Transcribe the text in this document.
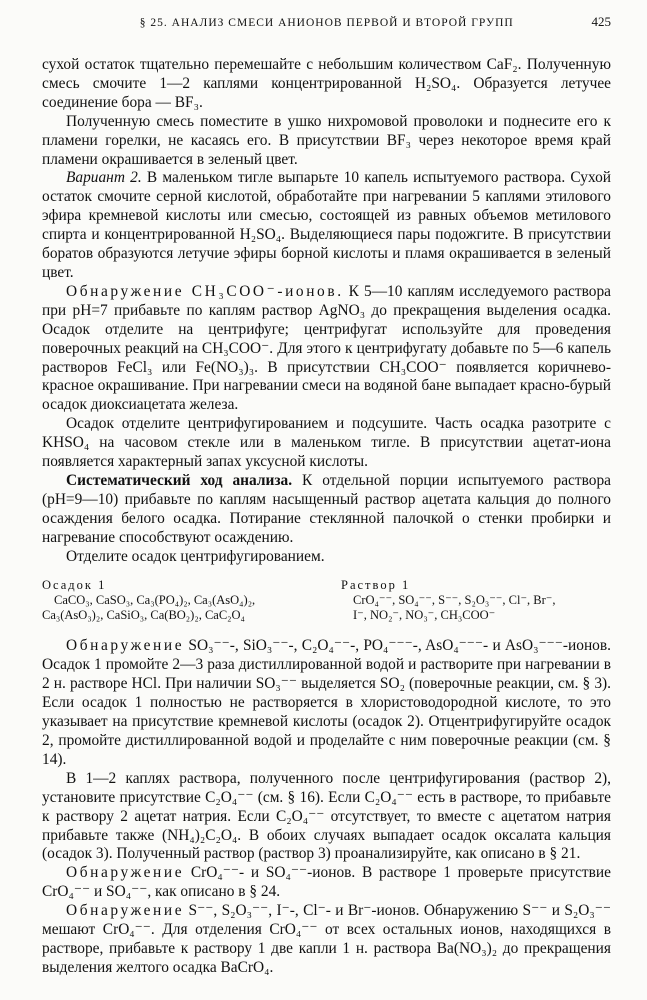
§ 25. АНАЛИЗ СМЕСИ АНИОНОВ ПЕРВОЙ И ВТОРОЙ ГРУПП	425

сухой остаток тщательно перемешайте с небольшим количеством CaF₂. Полученную смесь смочите 1—2 каплями концентрированной H₂SO₄. Образуется летучее соединение бора — BF₃.

Полученную смесь поместите в ушко нихромовой проволоки и поднесите его к пламени горелки, не касаясь его. В присутствии BF₃ через некоторое время край пламени окрашивается в зеленый цвет.

Вариант 2. В маленьком тигле выпарьте 10 капель испытуемого раствора. Сухой остаток смочите серной кислотой, обработайте при нагревании 5 каплями этилового эфира кремневой кислоты или смесью, состоящей из равных объемов метилового спирта и концентрированной H₂SO₄. Выделяющиеся пары подожгите. В присутствии боратов образуются летучие эфиры борной кислоты и пламя окрашивается в зеленый цвет.

Обнаружение CH₃COO⁻-ионов. К 5—10 каплям исследуемого раствора при pH=7 прибавьте по каплям раствор AgNO₃ до прекращения выделения осадка. Осадок отделите на центрифуге; центрифугат используйте для проведения поверочных реакций на CH₃COO⁻. Для этого к центрифугату добавьте по 5—6 капель растворов FeCl₃ или Fe(NO₃)₃. В присутствии CH₃COO⁻ появляется коричнево-красное окрашивание. При нагревании смеси на водяной бане выпадает красно-бурый осадок диоксиацетата железа.

Осадок отделите центрифугированием и подсушите. Часть осадка разотрите с KHSO₄ на часовом стекле или в маленьком тигле. В присутствии ацетат-иона появляется характерный запах уксусной кислоты.

Систематический ход анализа. К отдельной порции испытуемого раствора (pH=9—10) прибавьте по каплям насыщенный раствор ацетата кальция до полного осаждения белого осадка. Потирание стеклянной палочкой о стенки пробирки и нагревание способствуют осаждению.

Отделите осадок центрифугированием.

Осадок 1
CaCO₃, CaSO₃, Ca₃(PO₄)₂, Ca₃(AsO₄)₂,
Ca₃(AsO₃)₂, CaSiO₃, Ca(BO₂)₂, CaC₂O₄
Раствор 1
CrO₄⁻⁻, SO₄⁻⁻, S⁻⁻, S₂O₃⁻⁻, Cl⁻, Br⁻,
I⁻, NO₂⁻, NO₃⁻, CH₃COO⁻

Обнаружение SO₃⁻⁻-, SiO₃⁻⁻-, C₂O₄⁻⁻-, PO₄⁻⁻⁻-, AsO₄⁻⁻⁻- и AsO₃⁻⁻⁻-ионов. Осадок 1 промойте 2—3 раза дистиллированной водой и растворите при нагревании в 2 н. растворе HCl. При наличии SO₃⁻⁻ выделяется SO₂ (поверочные реакции, см. § 3). Если осадок 1 полностью не растворяется в хлористоводородной кислоте, то это указывает на присутствие кремневой кислоты (осадок 2). Отцентрифугируйте осадок 2, промойте дистиллированной водой и проделайте с ним поверочные реакции (см. § 14).

В 1—2 каплях раствора, полученного после центрифугирования (раствор 2), установите присутствие C₂O₄⁻⁻ (см. § 16). Если C₂O₄⁻⁻ есть в растворе, то прибавьте к раствору 2 ацетат натрия. Если C₂O₄⁻⁻ отсутствует, то вместе с ацетатом натрия прибавьте также (NH₄)₂C₂O₄. В обоих случаях выпадает осадок оксалата кальция (осадок 3). Полученный раствор (раствор 3) проанализируйте, как описано в § 21.

Обнаружение CrO₄⁻⁻- и SO₄⁻⁻-ионов. В растворе 1 проверьте присутствие CrO₄⁻⁻ и SO₄⁻⁻, как описано в § 24.

Обнаружение S⁻⁻, S₂O₃⁻⁻, I⁻-, Cl⁻- и Br⁻-ионов. Обнаружению S⁻⁻ и S₂O₃⁻⁻ мешают CrO₄⁻⁻. Для отделения CrO₄⁻⁻ от всех остальных ионов, находящихся в растворе, прибавьте к раствору 1 две капли 1 н. раствора Ba(NO₃)₂ до прекращения выделения желтого осадка BaCrO₄.
